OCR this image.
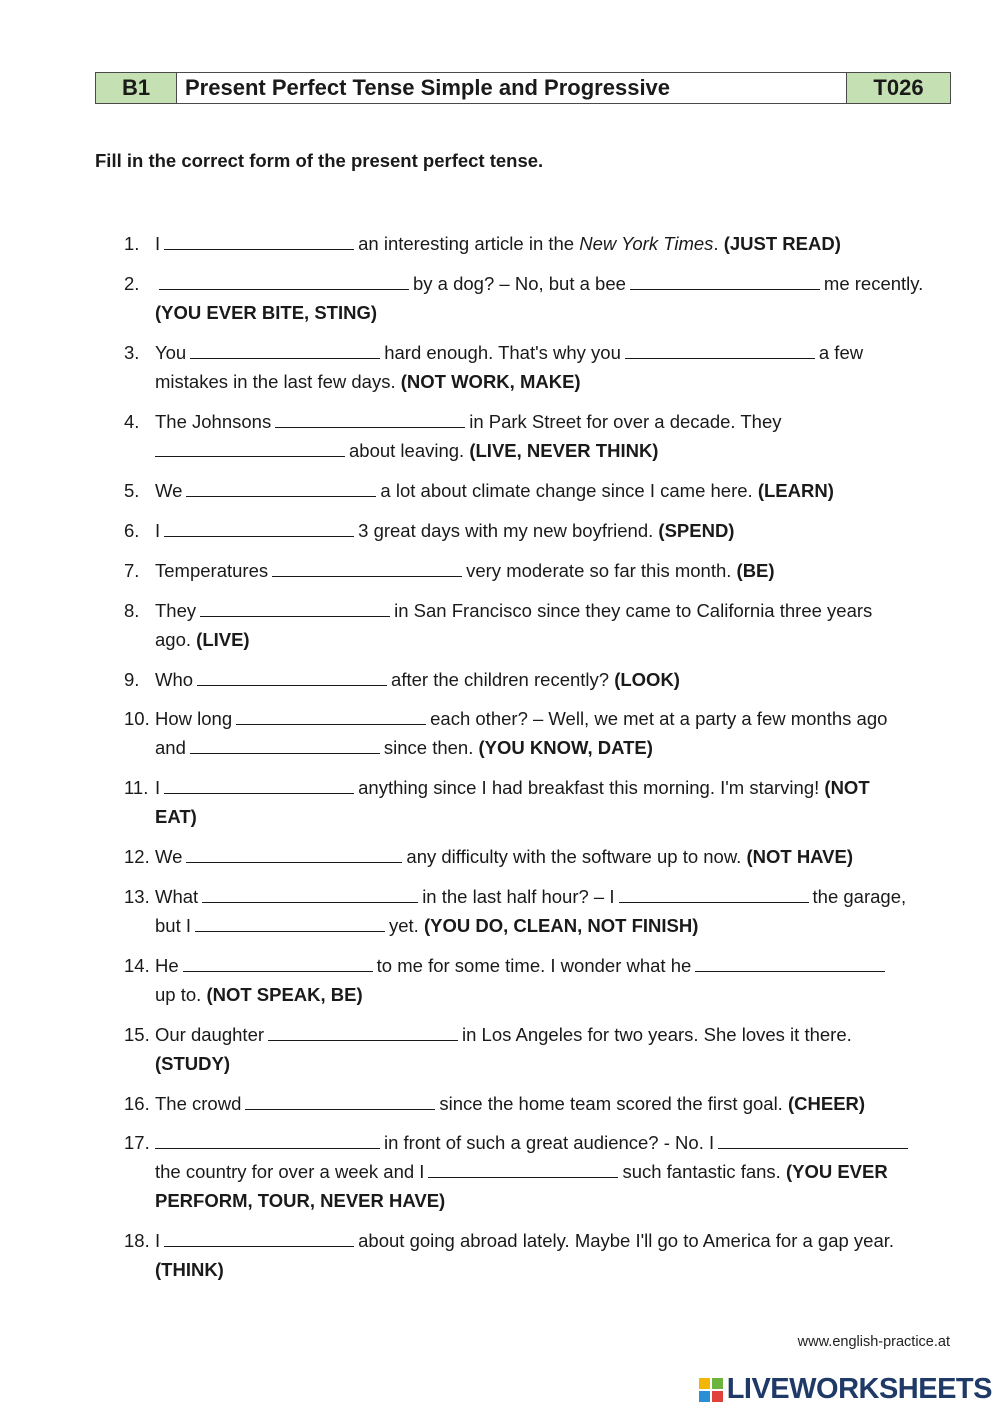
B1	Present Perfect Tense Simple and Progressive	T026
Fill in the correct form of the present perfect tense.
1. I	an interesting article in the New York Times. (JUST READ)
2.	by a dog? – No, but a bee	me recently.
(YOU EVER BITE, STING)
3. You	hard enough. That's why you	a few
mistakes in the last few days. (NOT WORK, MAKE)
4. The Johnsons	in Park Street for over a decade. They
about leaving. (LIVE, NEVER THINK)
5. We	a lot about climate change since I came here. (LEARN)
6. I	3 great days with my new boyfriend. (SPEND)
7. Temperatures	very moderate so far this month. (BE)
8. They	in San Francisco since they came to California three years
ago. (LIVE)
9. Who	after the children recently? (LOOK)
10. How long	each other? – Well, we met at a party a few months ago
and	since then. (YOU KNOW, DATE)
11. I	anything since I had breakfast this morning. I'm starving! (NOT
EAT)
12. We	any difficulty with the software up to now. (NOT HAVE)
13. What	in the last half hour? – I	the garage,
but I	yet. (YOU DO, CLEAN, NOT FINISH)
14. He	to me for some time. I wonder what he
up to. (NOT SPEAK, BE)
15. Our daughter	in Los Angeles for two years. She loves it there.
(STUDY)
16. The crowd	since the home team scored the first goal. (CHEER)
17.	in front of such a great audience? - No. I
the country for over a week and I	such fantastic fans. (YOU EVER
PERFORM, TOUR, NEVER HAVE)
18. I	about going abroad lately. Maybe I'll go to America for a gap year.
(THINK)
www.english-practice.at
LIVEWORKSHEETS
